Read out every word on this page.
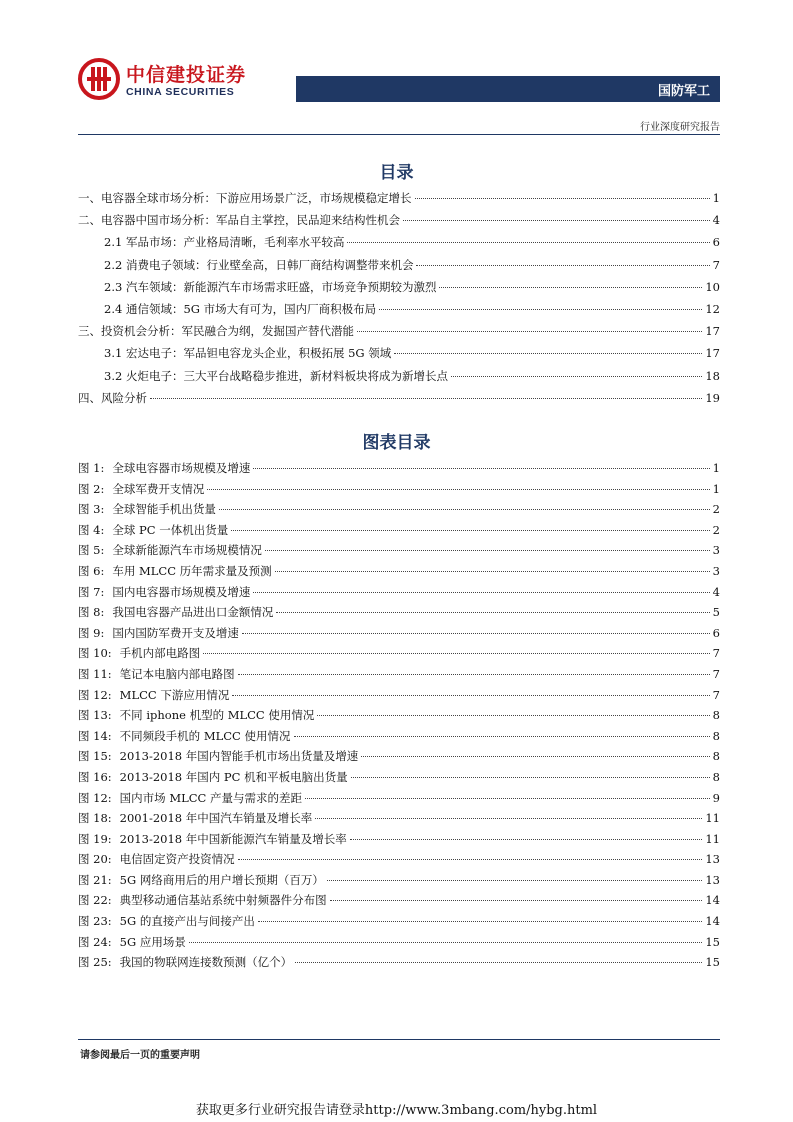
中信建投证券
CHINA SECURITIES	国防军工
行业深度研究报告
目录
一、电容器全球市场分析：下游应用场景广泛，市场规模稳定增长	1
二、电容器中国市场分析：军品自主掌控，民品迎来结构性机会	4
2.1 军品市场：产业格局清晰，毛利率水平较高	6
2.2 消费电子领域：行业壁垒高，日韩厂商结构调整带来机会	7
2.3 汽车领域：新能源汽车市场需求旺盛，市场竞争预期较为激烈	10
2.4 通信领域：5G 市场大有可为，国内厂商积极布局	12
三、投资机会分析：军民融合为纲，发掘国产替代潜能	17
3.1 宏达电子：军品钽电容龙头企业，积极拓展 5G 领域	17
3.2 火炬电子：三大平台战略稳步推进，新材料板块将成为新增长点	18
四、风险分析	19
图表目录
图 1: 全球电容器市场规模及增速	1
图 2: 全球军费开支情况	1
图 3: 全球智能手机出货量	2
图 4: 全球 PC 一体机出货量	2
图 5: 全球新能源汽车市场规模情况	3
图 6: 车用 MLCC 历年需求量及预测	3
图 7: 国内电容器市场规模及增速	4
图 8: 我国电容器产品进出口金额情况	5
图 9: 国内国防军费开支及增速	6
图 10: 手机内部电路图	7
图 11: 笔记本电脑内部电路图	7
图 12: MLCC 下游应用情况	7
图 13: 不同 iphone 机型的 MLCC 使用情况	8
图 14: 不同频段手机的 MLCC 使用情况	8
图 15: 2013-2018 年国内智能手机市场出货量及增速	8
图 16: 2013-2018 年国内 PC 机和平板电脑出货量	8
图 12: 国内市场 MLCC 产量与需求的差距	9
图 18: 2001-2018 年中国汽车销量及增长率	11
图 19: 2013-2018 年中国新能源汽车销量及增长率	11
图 20: 电信固定资产投资情况	13
图 21: 5G 网络商用后的用户增长预期（百万）	13
图 22: 典型移动通信基站系统中射频器件分布图	14
图 23: 5G 的直接产出与间接产出	14
图 24: 5G 应用场景	15
图 25: 我国的物联网连接数预测（亿个）	15
请参阅最后一页的重要声明
获取更多行业研究报告请登录http://www.3mbang.com/hybg.html
